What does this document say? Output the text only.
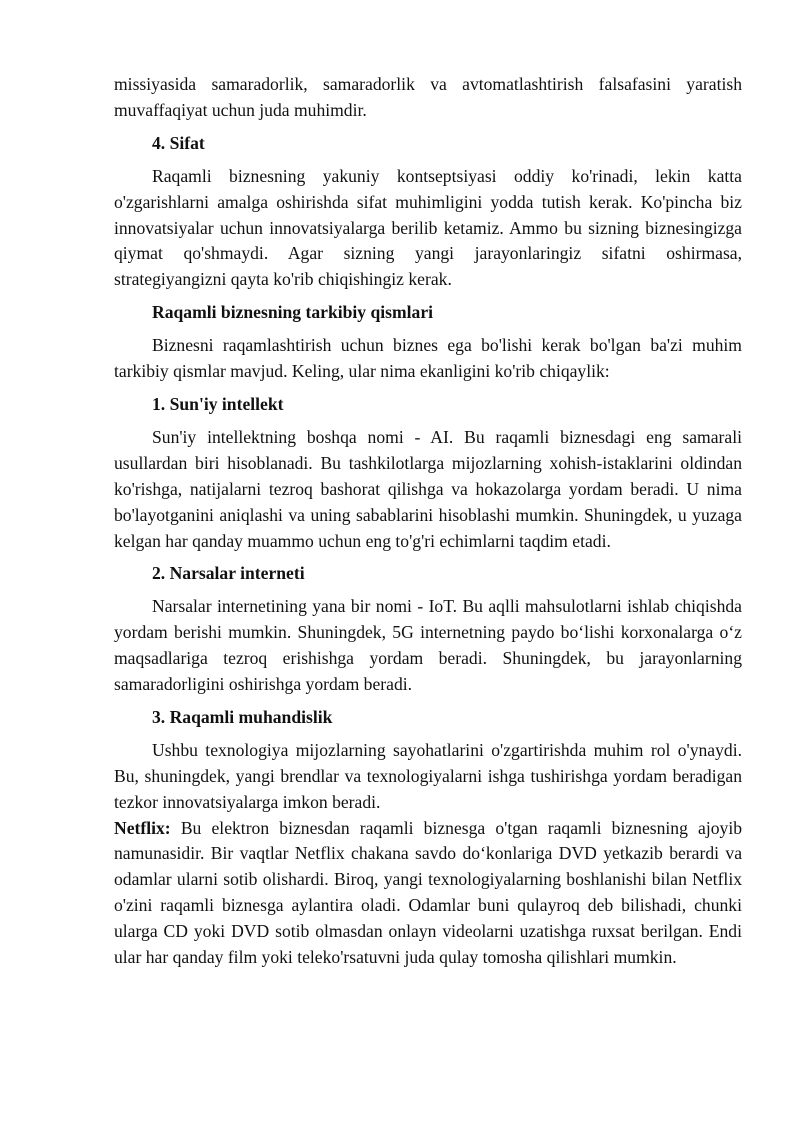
missiyasida samaradorlik, samaradorlik va avtomatlashtirish falsafasini yaratish muvaffaqiyat uchun juda muhimdir.

4. Sifat

Raqamli biznesning yakuniy kontseptsiyasi oddiy ko'rinadi, lekin katta o'zgarishlarni amalga oshirishda sifat muhimligini yodda tutish kerak. Ko'pincha biz innovatsiyalar uchun innovatsiyalarga berilib ketamiz. Ammo bu sizning biznesingizga qiymat qo'shmaydi. Agar sizning yangi jarayonlaringiz sifatni oshirmasa, strategiyangizni qayta ko'rib chiqishingiz kerak.

Raqamli biznesning tarkibiy qismlari

Biznesni raqamlashtirish uchun biznes ega bo'lishi kerak bo'lgan ba'zi muhim tarkibiy qismlar mavjud. Keling, ular nima ekanligini ko'rib chiqaylik:

1. Sun'iy intellekt

Sun'iy intellektning boshqa nomi - AI. Bu raqamli biznesdagi eng samarali usullardan biri hisoblanadi. Bu tashkilotlarga mijozlarning xohish-istaklarini oldindan ko'rishga, natijalarni tezroq bashorat qilishga va hokazolarga yordam beradi. U nima bo'layotganini aniqlashi va uning sabablarini hisoblashi mumkin. Shuningdek, u yuzaga kelgan har qanday muammo uchun eng to'g'ri echimlarni taqdim etadi.

2. Narsalar interneti

Narsalar internetining yana bir nomi - IoT. Bu aqlli mahsulotlarni ishlab chiqishda yordam berishi mumkin. Shuningdek, 5G internetning paydo bo‘lishi korxonalarga o‘z maqsadlariga tezroq erishishga yordam beradi. Shuningdek, bu jarayonlarning samaradorligini oshirishga yordam beradi.

3. Raqamli muhandislik

Ushbu texnologiya mijozlarning sayohatlarini o'zgartirishda muhim rol o'ynaydi. Bu, shuningdek, yangi brendlar va texnologiyalarni ishga tushirishga yordam beradigan tezkor innovatsiyalarga imkon beradi.

Netflix: Bu elektron biznesdan raqamli biznesga o'tgan raqamli biznesning ajoyib namunasidir. Bir vaqtlar Netflix chakana savdo do‘konlariga DVD yetkazib berardi va odamlar ularni sotib olishardi. Biroq, yangi texnologiyalarning boshlanishi bilan Netflix o'zini raqamli biznesga aylantira oladi. Odamlar buni qulayroq deb bilishadi, chunki ularga CD yoki DVD sotib olmasdan onlayn videolarni uzatishga ruxsat berilgan. Endi ular har qanday film yoki teleko'rsatuvni juda qulay tomosha qilishlari mumkin.
